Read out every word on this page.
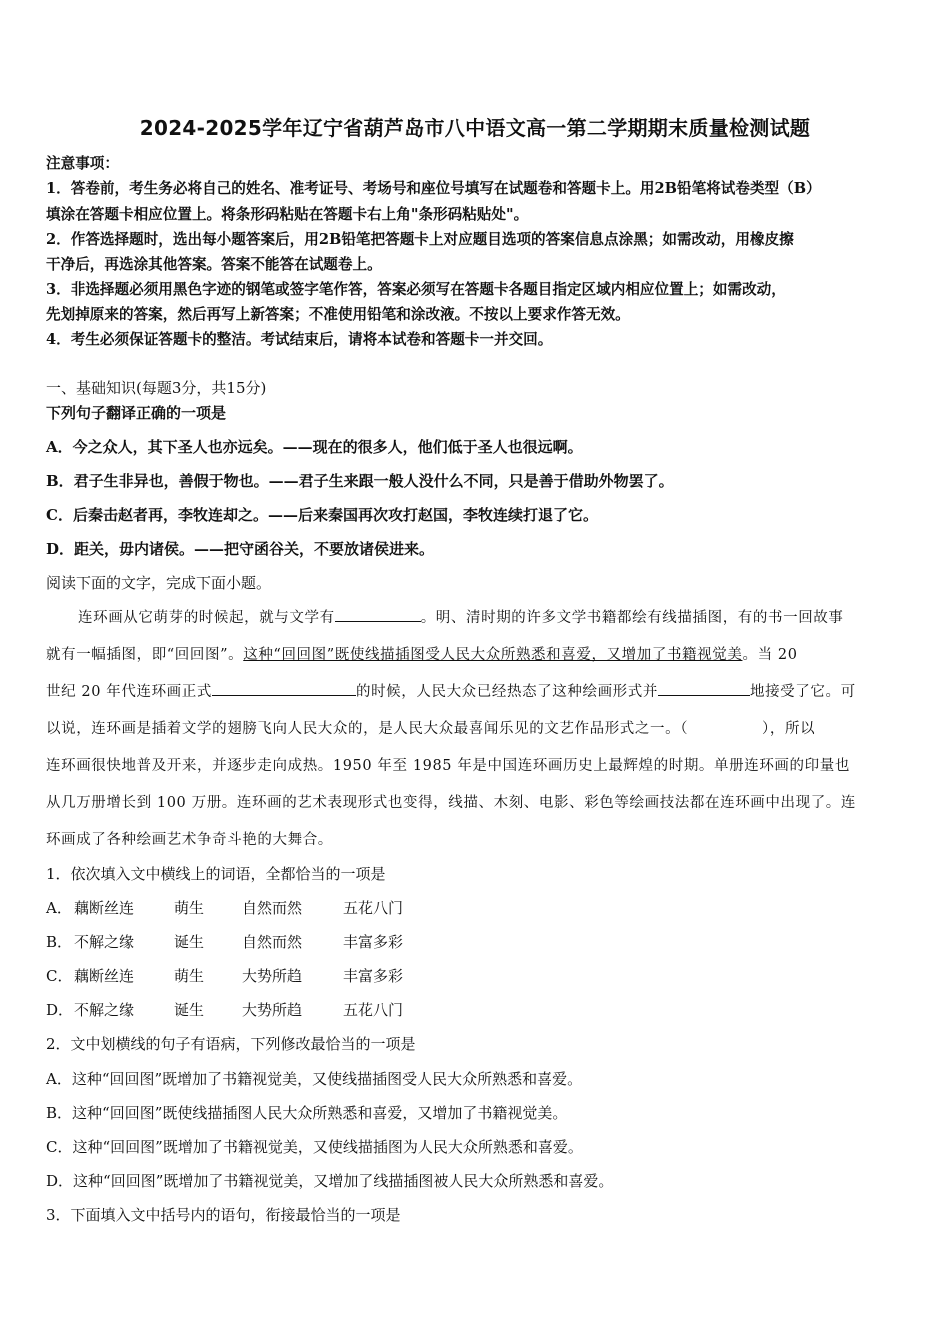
2024-2025学年辽宁省葫芦岛市八中语文高一第二学期期末质量检测试题
注意事项：
1．答卷前，考生务必将自己的姓名、准考证号、考场号和座位号填写在试题卷和答题卡上。用2B铅笔将试卷类型（B）
填涂在答题卡相应位置上。将条形码粘贴在答题卡右上角"条形码粘贴处"。
2．作答选择题时，选出每小题答案后，用2B铅笔把答题卡上对应题目选项的答案信息点涂黑；如需改动，用橡皮擦
干净后，再选涂其他答案。答案不能答在试题卷上。
3．非选择题必须用黑色字迹的钢笔或签字笔作答，答案必须写在答题卡各题目指定区域内相应位置上；如需改动，
先划掉原来的答案，然后再写上新答案；不准使用铅笔和涂改液。不按以上要求作答无效。
4．考生必须保证答题卡的整洁。考试结束后，请将本试卷和答题卡一并交回。
一、基础知识(每题3分，共15分)
下列句子翻译正确的一项是
A．今之众人，其下圣人也亦远矣。——现在的很多人，他们低于圣人也很远啊。
B．君子生非异也，善假于物也。——君子生来跟一般人没什么不同，只是善于借助外物罢了。
C．后秦击赵者再，李牧连却之。——后来秦国再次攻打赵国，李牧连续打退了它。
D．距关，毋内诸侯。——把守函谷关，不要放诸侯进来。
阅读下面的文字，完成下面小题。
连环画从它萌芽的时候起，就与文学有	。明、清时期的许多文学书籍都绘有线描插图，有的书一回故事
就有一幅插图，即“回回图”。这种“回回图”既使线描插图受人民大众所熟悉和喜爱，又增加了书籍视觉美。当 20
世纪 20 年代连环画正式	的时候，人民大众已经热态了这种绘画形式并	地接受了它。可
以说，连环画是插着文学的翅膀飞向人民大众的，是人民大众最喜闻乐见的文艺作品形式之一。（	），所以
连环画很快地普及开来，并逐步走向成热。1950 年至 1985 年是中国连环画历史上最辉煌的时期。单册连环画的印量也
从几万册增长到 100 万册。连环画的艺术表现形式也变得，线描、木刻、电影、彩色等绘画技法都在连环画中出现了。连
环画成了各种绘画艺术争奇斗艳的大舞合。
1．依次填入文中横线上的词语，全都恰当的一项是
A． 藕断丝连	萌生	自然而然	五花八门
B． 不解之缘	诞生	自然而然	丰富多彩
C． 藕断丝连	萌生	大势所趋	丰富多彩
D．不解之缘	诞生	大势所趋	五花八门
2．文中划横线的句子有语病，下列修改最恰当的一项是
A．这种“回回图”既增加了书籍视觉美，又使线描插图受人民大众所熟悉和喜爱。
B．这种“回回图”既使线描插图人民大众所熟悉和喜爱，又增加了书籍视觉美。
C．这种“回回图”既增加了书籍视觉美，又使线描插图为人民大众所熟悉和喜爱。
D．这种“回回图”既增加了书籍视觉美，又增加了线描插图被人民大众所熟悉和喜爱。
3．下面填入文中括号内的语句，衔接最恰当的一项是
